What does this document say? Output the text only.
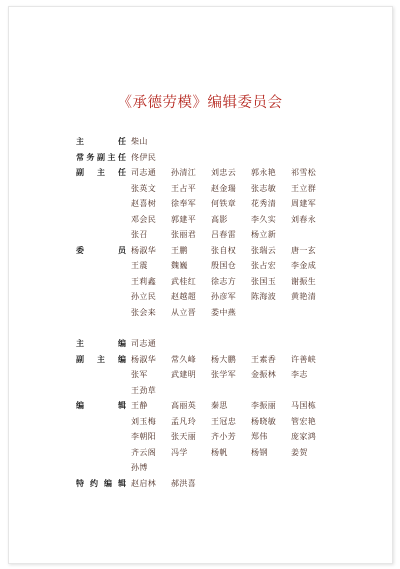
《承德劳模》编辑委员会
主	任 柴山
常 务 副 主 任 佟伊民
副 主 任 司志通 孙清江 刘忠云 郭永艳 祁雪松
张英文 王占平 赵金瑞 张志敏 王立群
赵喜树 徐奉军 何铁章 花秀清 周建军
邓会民 郭建平 高影	李久实 刘春永
张召	张丽君 吕春雷 杨立新
委	员 杨淑华 王鹏	张自权 张瑞云 唐一玄
王震	魏巍	殷国仓 张占宏 李金成
王莉鑫 武桂红 徐志方 张国玉 谢振生
孙立民 赵越超 孙彦军 陈海波 黄艳清
张会来 从立晋 娄中燕
主	编 司志通
副 主 编 杨淑华 常久峰 杨大鹏 王素香 许善峡
张军	武建明 张学军 金振林 李志
王劲草
编	辑 王静	高丽英 秦思	李振丽 马国栋
刘玉梅 孟凡玲 王冠忠 杨晓敏 管宏艳
李朝阳 张天丽 齐小芳 郑伟	庞家鸿
齐云阁 冯学	杨帆	杨钢	姜贺
孙博
特 约 编 辑 赵启林 郝洪喜
